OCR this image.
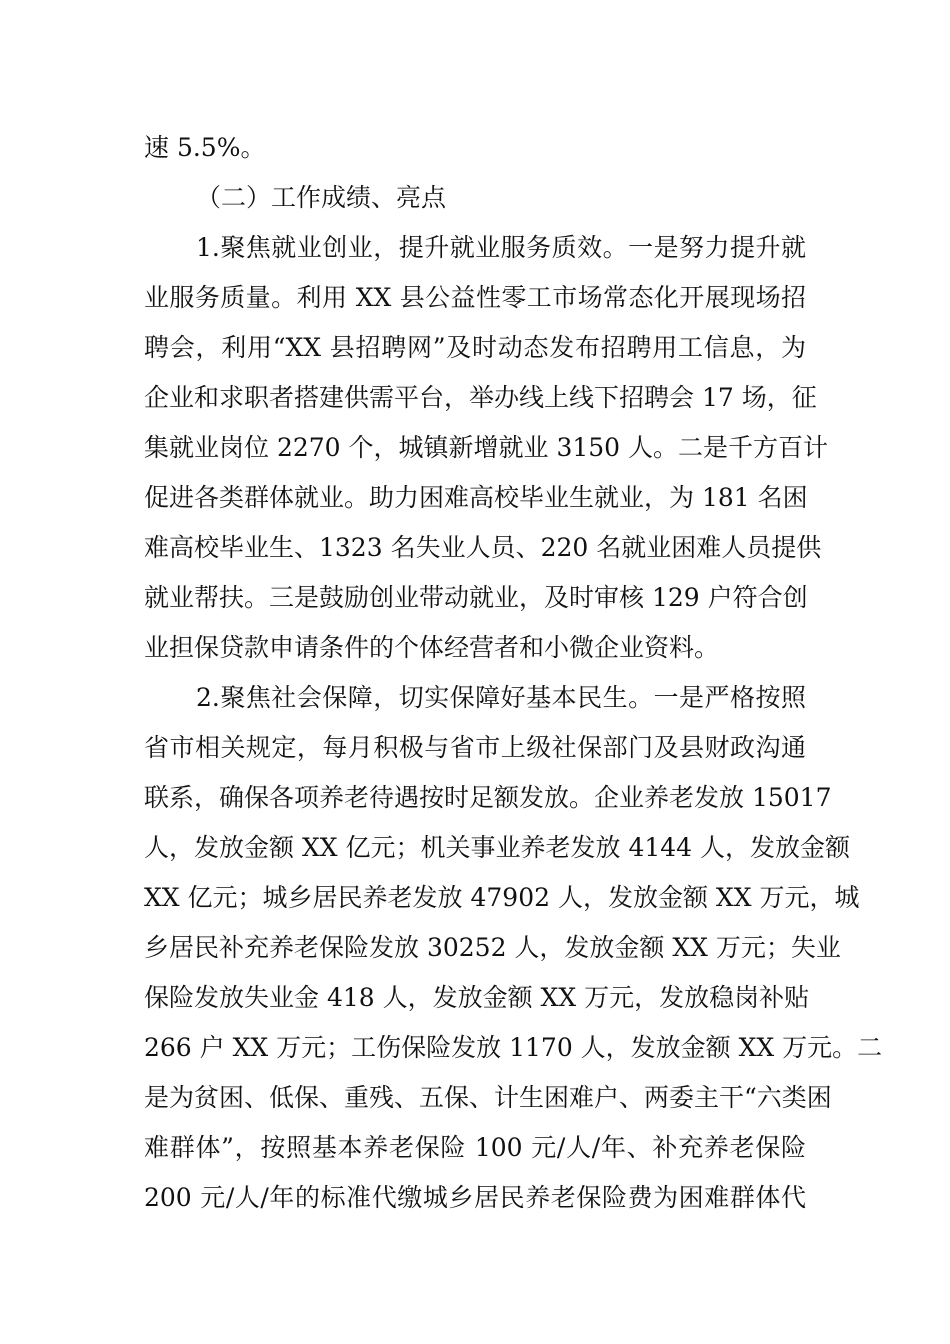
速 5.5%。
（二）工作成绩、亮点
1.聚焦就业创业，提升就业服务质效。一是努力提升就
业服务质量。利用 XX 县公益性零工市场常态化开展现场招
聘会，利用“XX 县招聘网”及时动态发布招聘用工信息，为
企业和求职者搭建供需平台，举办线上线下招聘会 17 场，征
集就业岗位 2270 个，城镇新增就业 3150 人。二是千方百计
促进各类群体就业。助力困难高校毕业生就业，为 181 名困
难高校毕业生、1323 名失业人员、220 名就业困难人员提供
就业帮扶。三是鼓励创业带动就业，及时审核 129 户符合创
业担保贷款申请条件的个体经营者和小微企业资料。
2.聚焦社会保障，切实保障好基本民生。一是严格按照
省市相关规定，每月积极与省市上级社保部门及县财政沟通
联系，确保各项养老待遇按时足额发放。企业养老发放 15017
人，发放金额 XX 亿元；机关事业养老发放 4144 人，发放金额
XX 亿元；城乡居民养老发放 47902 人，发放金额 XX 万元，城
乡居民补充养老保险发放 30252 人，发放金额 XX 万元；失业
保险发放失业金 418 人，发放金额 XX 万元，发放稳岗补贴
266 户 XX 万元；工伤保险发放 1170 人，发放金额 XX 万元。二
是为贫困、低保、重残、五保、计生困难户、两委主干“六类困
难群体”，按照基本养老保险 100 元/人/年、补充养老保险
200 元/人/年的标准代缴城乡居民养老保险费为困难群体代
